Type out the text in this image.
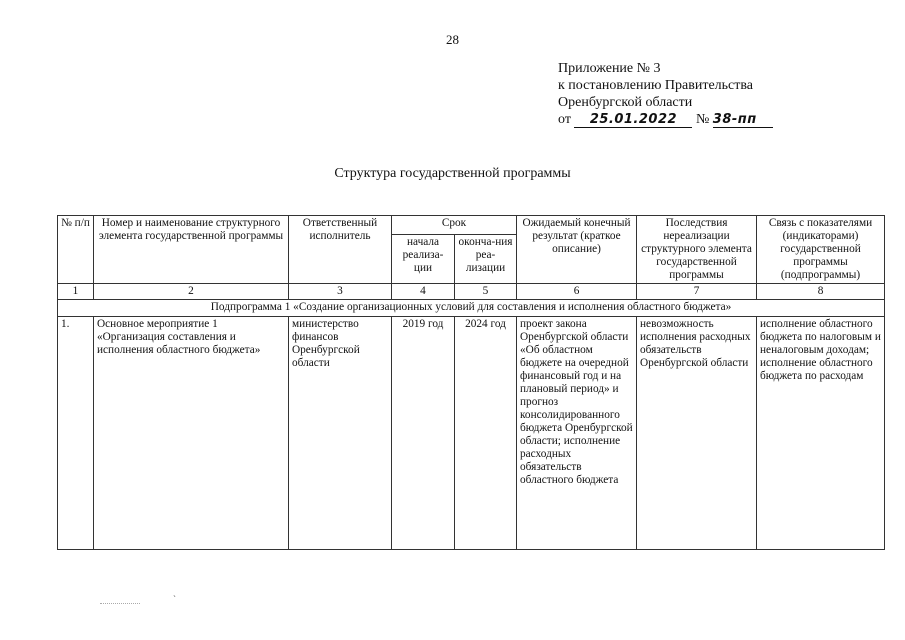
28
Приложение № 3
к постановлению Правительства
Оренбургской области
от 25.01.2022 № 38-пп
Структура государственной программы
№ п/п	Номер и наименование структурного элемента государственной программы	Ответственный исполнитель	Срок		Ожидаемый конечный результат (краткое описание)	Последствия нереализации структурного элемента государственной программы	Связь с показателями (индикаторами) государственной программы (подпрограммы)
			начала реализа-ции	оконча-ния реа-лизации			
1	2	3	4	5	6	7	8
Подпрограмма 1 «Создание организационных условий для составления и исполнения областного бюджета»							
1.	Основное мероприятие 1 «Организация составления и исполнения областного бюджета»	министерство финансов Оренбургской области	2019 год	2024 год	проект закона Оренбургской области «Об областном бюджете на очередной финансовый год и на плановый период» и прогноз консолидированного бюджета Оренбургской области; исполнение расходных обязательств областного бюджета	невозможность исполнения расходных обязательств Оренбургской области	исполнение областного бюджета по налоговым и неналоговым доходам; исполнение областного бюджета по расходам
`
